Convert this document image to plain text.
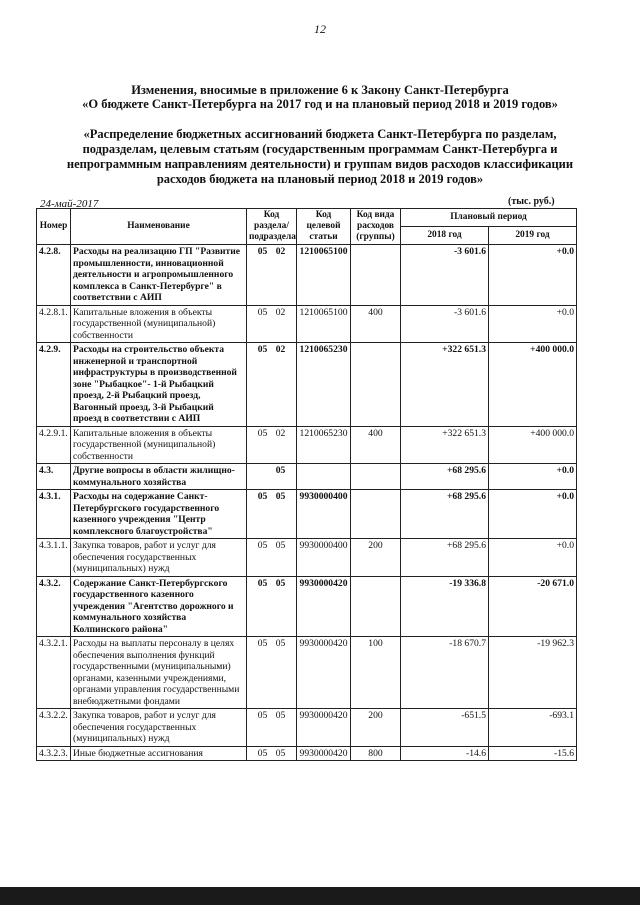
12
Изменения, вносимые в приложение 6 к Закону Санкт-Петербурга
«О бюджете Санкт-Петербурга на 2017 год и на плановый период 2018 и 2019 годов»
«Распределение бюджетных ассигнований бюджета Санкт-Петербурга по разделам, подразделам, целевым статьям (государственным программам Санкт-Петербурга и непрограммным направлениям деятельности) и группам видов расходов классификации расходов бюджета на плановый период 2018 и 2019 годов»
24-май-2017	(тыс. руб.)
Номер	Наименование	Код раздела/ подраздела	Код целевой статьи	Код вида расходов (группы)	Плановый период	
					2018 год	2019 год
4.2.8.	Расходы на реализацию ГП "Развитие промышленности, инновационной деятельности и агропромышленного комплекса в Санкт-Петербурге" в соответствии с АИП	05 02	1210065100		-3 601.6	+0.0
4.2.8.1.	Капитальные вложения в объекты государственной (муниципальной) собственности	05 02	1210065100	400	-3 601.6	+0.0
4.2.9.	Расходы на строительство объекта инженерной и транспортной инфраструктуры в производственной зоне "Рыбацкое"- 1-й Рыбацкий проезд, 2-й Рыбацкий проезд, Вагонный проезд, 3-й Рыбацкий проезд в соответствии с АИП	05 02	1210065230		+322 651.3	+400 000.0
4.2.9.1.	Капитальные вложения в объекты государственной (муниципальной) собственности	05 02	1210065230	400	+322 651.3	+400 000.0
4.3.	Другие вопросы в области жилищно-коммунального хозяйства	05			+68 295.6	+0.0
4.3.1.	Расходы на содержание Санкт-Петербургского государственного казенного учреждения "Центр комплексного благоустройства"	05 05	9930000400		+68 295.6	+0.0
4.3.1.1.	Закупка товаров, работ и услуг для обеспечения государственных (муниципальных) нужд	05 05	9930000400	200	+68 295.6	+0.0
4.3.2.	Содержание Санкт-Петербургского государственного казенного учреждения "Агентство дорожного и коммунального хозяйства Колпинского района"	05 05	9930000420		-19 336.8	-20 671.0
4.3.2.1.	Расходы на выплаты персоналу в целях обеспечения выполнения функций государственными (муниципальными) органами, казенными учреждениями, органами управления государственными внебюджетными фондами	05 05	9930000420	100	-18 670.7	-19 962.3
4.3.2.2.	Закупка товаров, работ и услуг для обеспечения государственных (муниципальных) нужд	05 05	9930000420	200	-651.5	-693.1
4.3.2.3.	Иные бюджетные ассигнования	05 05	9930000420	800	-14.6	-15.6
